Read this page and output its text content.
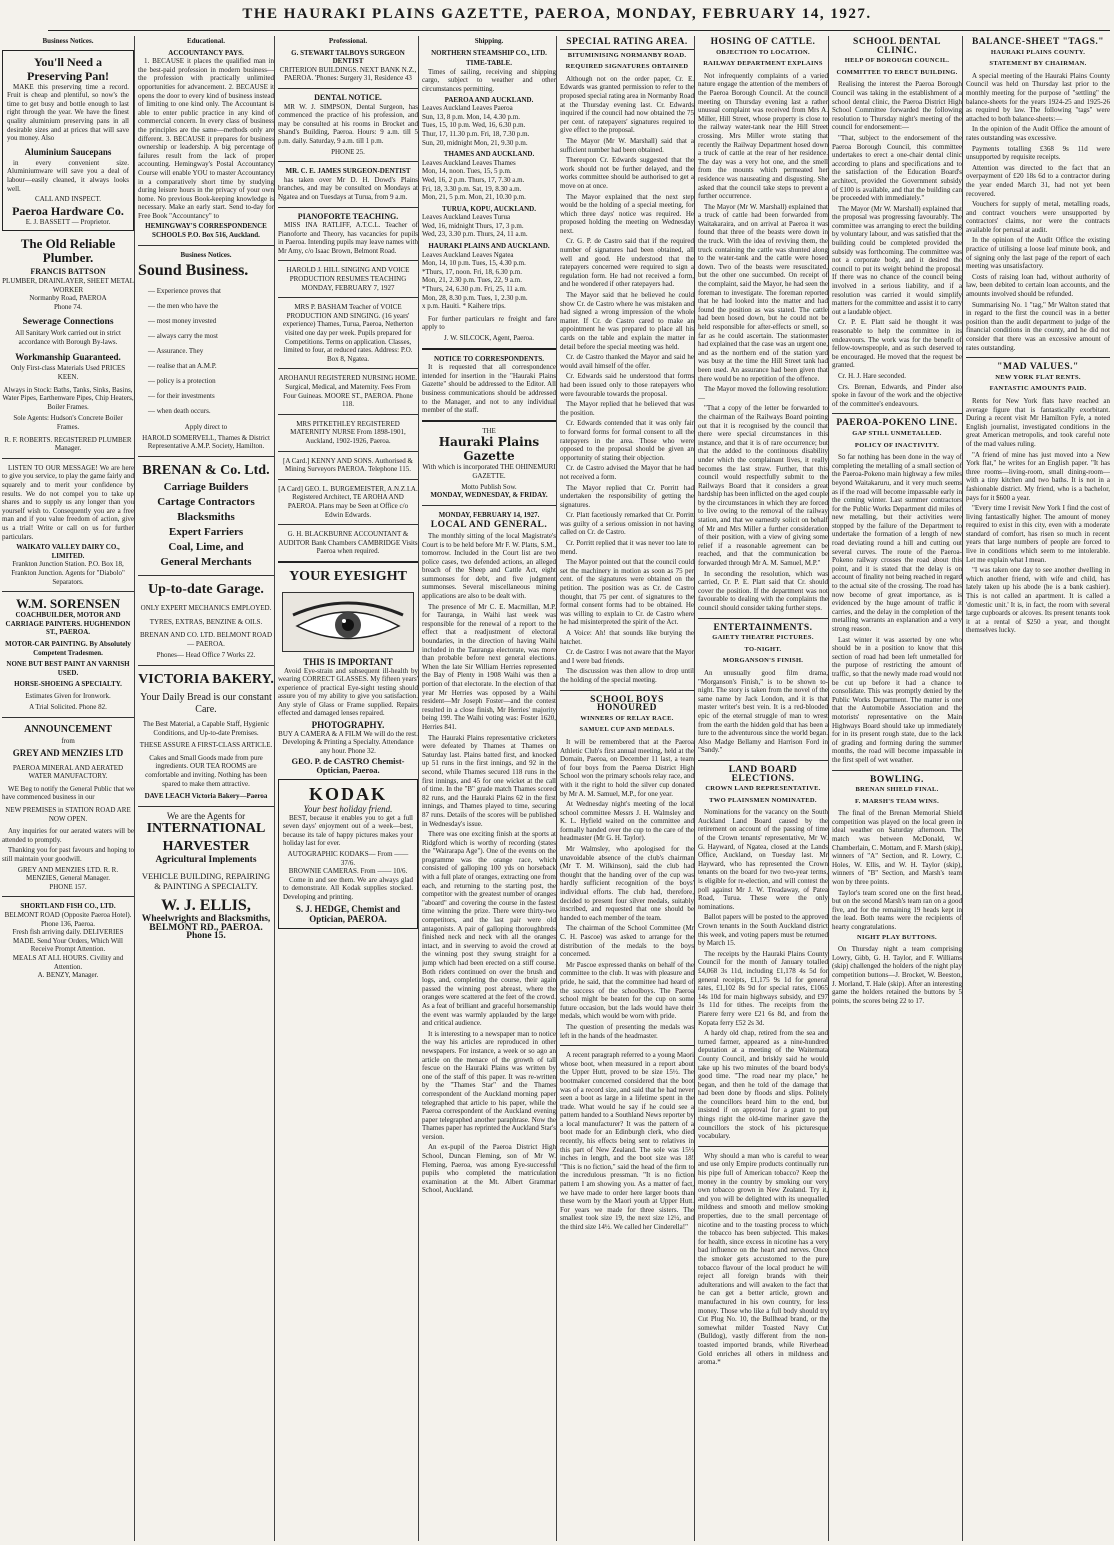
THE HAURAKI PLAINS GAZETTE, PAEROA, MONDAY, FEBRUARY 14, 1927.
Business Notices.
You'll Need a Preserving Pan!

MAKE this preserving time a record. Fruit is cheap and plentiful, so now's the time to get busy and bottle enough to last right through the year. We have the finest quality aluminium preserving pans in all desirable sizes and at prices that will save you money. Also

Aluminium Saucepans

in every convenient size. Aluminiumware will save you a deal of labour—easily cleaned, it always looks well.

CALL AND INSPECT.
Paeroa Hardware Co.
E. J. BASSETT — Proprietor.
The Old Reliable Plumber.
FRANCIS BATTSON
PLUMBER, DRAINLAYER, SHEET METAL WORKER
Normanby Road, PAEROA
Phone 74.
Sewerage Connections
All Sanitary Work carried out in strict accordance with Borough By-laws.
Workmanship Guaranteed.
Only First-class Materials Used PRICES KEEN.
Always in Stock: Baths, Tanks, Sinks, Basins, Water Pipes, Earthenware Pipes, Chip Heaters, Boiler Frames.
Sole Agents: Hudson's Concrete Boiler Frames.
R. F. ROBERTS. REGISTERED PLUMBER Manager.

LISTEN TO OUR MESSAGE! We are here to give you service, to play the game fairly and squarely and to merit your confidence by results. We do not compel you to take up shares and to supply us any longer than you yourself wish to. Consequently you are a free man and if you value freedom of action, give us a trial! Write or call on us for further particulars.

WAIKATO VALLEY DAIRY CO., LIMITED.
Frankton Junction Station. P.O. Box 18, Frankton Junction. Agents for "Diabolo" Separators.
W.M. SORENSEN
COACHBUILDER, MOTOR AND CARRIAGE PAINTERS. HUGHENDON ST., PAEROA.
MOTOR-CAR PAINTING. By Absolutely Competent Tradesmen.
NONE BUT BEST PAINT AN VARNISH USED.
HORSE-SHOEING A SPECIALTY.
Estimates Given for Ironwork.
A Trial Solicited. Phone 82.
ANNOUNCEMENT
from
GREY AND MENZIES LTD
PAEROA MINERAL AND AERATED WATER MANUFACTORY.

WE Beg to notify the General Public that we have commenced business in our

NEW PREMISES in STATION ROAD ARE NOW OPEN.

Any inquiries for our aerated waters will be attended to promptly.

Thanking you for past favours and hoping to still maintain your goodwill.

GREY AND MENZIES LTD. R. R. MENZIES, General Manager.
PHONE 157.
SHORTLAND FISH CO., LTD.
BELMONT ROAD (Opposite Paeroa Hotel). Phone 136, Paeroa.
Fresh fish arriving daily. DELIVERIES MADE. Send Your Orders, Which Will Receive Prompt Attention.
MEALS AT ALL HOURS. Civility and Attention.
A. BENZY, Manager.
Educational.
ACCOUNTANCY PAYS.

1. BECAUSE it places the qualified man in the best-paid profession in modern business—the profession with practically unlimited opportunities for advancement. 2. BECAUSE it opens the door to every kind of business instead of limiting to one kind only. The Accountant is able to enter public practice in any kind of commercial concern. In every class of business the principles are the same—methods only are different. 3. BECAUSE it prepares for business ownership or leadership. A big percentage of failures result from the lack of proper accounting. Hemingway's Postal Accountancy Course will enable YOU to master Accountancy in a comparatively short time by studying during leisure hours in the privacy of your own home. No previous Book-keeping knowledge is necessary. Make an early start. Send to-day for Free Book "Accountancy" to

HEMINGWAY'S CORRESPONDENCE SCHOOLS P.O. Box 516, Auckland.
Business Notices.
Sound Business.
— Experience proves that
— the men who have the
— most money invested
— always carry the most
— Assurance. They
— realise that an A.M.P.
— policy is a protection
— for their investments
— when death occurs.
Apply direct to
HAROLD SOMERVELL, Thames & District Representative A.M.P. Society, Hamilton.
BRENAN & Co. Ltd.
Carriage Builders
Cartage Contractors
Blacksmiths
Expert Farriers
Coal, Lime, and
General Merchants
Up-to-date Garage.
ONLY EXPERT MECHANICS EMPLOYED.
TYRES, EXTRAS, BENZINE & OILS.
BRENAN AND CO. LTD. BELMONT ROAD — PAEROA.
Phones— Head Office 7 Works 22.
VICTORIA BAKERY.
Your Daily Bread is our constant Care.
The Best Material, a Capable Staff, Hygienic Conditions, and Up-to-date Premises.
THESE ASSURE A FIRST-CLASS ARTICLE.
Cakes and Small Goods made from pure ingredients. OUR TEA ROOMS are comfortable and inviting. Nothing has been spared to make them attractive.
DAVE LEACH Victoria Bakery—Paeroa
We are the Agents for
INTERNATIONAL HARVESTER
Agricultural Implements
VEHICLE BUILDING, REPAIRING & PAINTING A SPECIALTY.
W. J. ELLIS,
Wheelwrights and Blacksmiths,
BELMONT RD., PAEROA.
Phone 15.
Professional.
G. STEWART TALBOYS SURGEON DENTIST
CRITERION BUILDINGS. NEXT BANK N.Z., PAEROA. 'Phones: Surgery 31, Residence 43
DENTAL NOTICE.

MR W. J. SIMPSON, Dental Surgeon, has commenced the practice of his profession, and may be consulted at his rooms in Brocket and Shand's Building, Paeroa. Hours: 9 a.m. till 5 p.m. daily. Saturday, 9 a.m. till 1 p.m.

PHONE 25.
MR. C. E. JAMES SURGEON-DENTIST

has taken over Mr D. H. Dowd's Plains branches, and may be consulted on Mondays at Ngatea and on Tuesdays at Turua, from 9 a.m.

PIANOFORTE TEACHING.

MISS INA RATLIFF, A.T.C.L. Teacher of Pianoforte and Theory, has vacancies for pupils in Paeroa. Intending pupils may leave names with Mr Amy, c/o Isaac Brown, Belmont Road.

HAROLD J. HILL SINGING AND VOICE PRODUCTION RESUMES TEACHING MONDAY, FEBRUARY 7, 1927
MRS P. BASHAM Teacher of VOICE PRODUCTION AND SINGING. (16 years' experience) Thames, Turua, Paeroa, Netherton visited one day per week. Pupils prepared for Competitions. Terms on application. Classes, limited to four, at reduced rates. Address: P.O. Box 8, Ngatea.
AROHANUI REGISTERED NURSING HOME. Surgical, Medical, and Maternity. Fees From Four Guineas. MOORE ST., PAEROA. Phone 118.
MRS PITKETHLEY REGISTERED MATERNITY NURSE From 1898-1901, Auckland, 1902-1926, Paeroa.
[A Card.] KENNY AND SONS. Authorised & Mining Surveyors PAEROA. Telephone 115.
[A Card] GEO. L. BURGEMEISTER, A.N.Z.I.A. Registered Architect, TE AROHA AND PAEROA. Plans may be Seen at Office c/o Edwin Edwards.
G. H. BLACKBURNE ACCOUNTANT & AUDITOR Bank Chambers CAMBRIDGE Visits Paeroa when required.
YOUR EYESIGHT
THIS IS IMPORTANT

Avoid Eye-strain and subsequent ill-health by wearing CORRECT GLASSES. My fifteen years' experience of practical Eye-sight testing should assure you of my ability to give you satisfaction. Any style of Glass or Frame supplied. Repairs effected and damaged lenses repaired.

PHOTOGRAPHY.
BUY A CAMERA & A FILM We will do the rest. Developing & Printing a Specialty. Attendance any hour. Phone 32.
GEO. P. de CASTRO Chemist-Optician, Paeroa.
KODAK
Your best holiday friend.

BEST, because it enables you to get a full seven days' enjoyment out of a week—best, because its tale of happy pictures makes your holiday last for ever.

AUTOGRAPHIC KODAKS— From —— 37/6.
BROWNIE CAMERAS. From —— 10/6.

Come in and see them. We are always glad to demonstrate. All Kodak supplies stocked. Developing and printing.

S. J. HEDGE, Chemist and Optician, PAEROA.
Shipping.
NORTHERN STEAMSHIP CO., LTD.
TIME-TABLE.

Times of sailing, receiving and shipping cargo, subject to weather and other circumstances permitting.

PAEROA AND AUCKLAND.
Leaves Auckland Leaves Paeroa
Sun, 13, 8 p.m. Mon, 14, 4.30 p.m.
Tues, 15, 10 p.m. Wed, 16, 6.30 p.m.
Thur, 17, 11.30 p.m. Fri, 18, 7.30 p.m.
Sun, 20, midnight Mon, 21, 9.30 p.m.
THAMES AND AUCKLAND.
Leaves Auckland Leaves Thames
Mon, 14, noon. Tues, 15, 5 p.m.
Wed, 16, 2 p.m. Thurs, 17, 7.30 a.m.
Fri, 18, 3.30 p.m. Sat, 19, 8.30 a.m.
Mon, 21, 5 p.m. Mon, 21, 10.30 p.m.
TURUA, KOPU, AUCKLAND.
Leaves Auckland Leaves Turua
Wed, 16, midnight Thurs, 17, 3 p.m.
Wed, 23, 3.30 p.m. Thurs, 24, 11 a.m.
HAURAKI PLAINS AND AUCKLAND.
Leaves Auckland Leaves Ngatea
Mon, 14, 10 p.m. Tues, 15, 4.30 p.m.
*Thurs, 17, noon. Fri, 18, 6.30 p.m.
Mon, 21, 2.30 p.m. Tues, 22, 9 a.m.
*Thurs, 24, 6.30 p.m. Fri, 25, 11 a.m.
Mon, 28, 8.30 p.m. Tues, 1, 2.30 p.m.
x p.m. Hauiti. * Kaihere trips.

For further particulars re freight and fare apply to

J. W. SILCOCK, Agent, Paeroa.
NOTICE TO CORRESPONDENTS.

It is requested that all correspondence intended for insertion in the "Hauraki Plains Gazette" should be addressed to the Editor. All business communications should be addressed to the Manager, and not to any individual member of the staff.

THE
Hauraki Plains Gazette
With which is incorporated THE OHINEMURI GAZETTE.
Motto Publish Sow.
MONDAY, WEDNESDAY, & FRIDAY.
MONDAY, FEBRUARY 14, 1927.
LOCAL AND GENERAL.

The monthly sitting of the local Magistrate's Court is to be held before Mr F. W. Platts, S.M., tomorrow. Included in the Court list are two police cases, two defended actions, an alleged breach of the Sheep and Cattle Act, eight summonses for debt, and five judgment summonses. Several miscellaneous mining applications are also to be dealt with.

The presence of Mr C. E. Macmillan, M.P. for Tauranga, in Waihi last week was responsible for the renewal of a report to the effect that a readjustment of electoral boundaries, in the direction of having Waihi included in the Tauranga electorate, was more than probable before next general elections. When the late Sir William Herries represented the Bay of Plenty in 1908 Waihi was then a portion of that electorate. In the election of that year Mr Herries was opposed by a Waihi resident—Mr Joseph Foster—and the contest resulted in a close finish, Mr Herries' majority being 199. The Waihi voting was: Foster 1620, Herries 841.

The Hauraki Plains representative cricketers were defeated by Thames at Thames on Saturday last. Plains batted first, and knocked up 51 runs in the first innings, and 92 in the second, while Thames secured 118 runs in the first innings, and 45 for one wicket at the call of time. In the "B" grade match Thames scored 82 runs, and the Hauraki Plains 62 in the first innings, and Thames played to time, securing 87 runs. Details of the scores will be published in Wednesday's issue.

There was one exciting finish at the sports at Ridgford which is worthy of recording (states the "Wairarapa Age"). One of the events on the programme was the orange race, which consisted of galloping 100 yds on horseback with a full plate of oranges, extracting one from each, and returning to the starting post, the competitor with the greatest number of oranges "aboard" and covering the course in the fastest time winning the prize. There were thirty-two competitors, and the last pair were old antagonists. A pair of galloping thoroughbreds finished neck and neck with all the oranges intact, and in swerving to avoid the crowd at the winning post they swung straight for a jump which had been erected on a stiff course. Both riders continued on over the brush and logs, and, completing the course, their again passed the winning post abreast, where the oranges were scattered at the feet of the crowd. As a feat of brilliant and graceful horsemanship the event was warmly applauded by the large and critical audience.

It is interesting to a newspaper man to notice the way his articles are reproduced in other newspapers. For instance, a week or so ago an article on the menace of the growth of tall fescue on the Hauraki Plains was written by one of the staff of this paper. It was re-written by the "Thames Star" and the Thames correspondent of the Auckland morning paper telegraphed that article to his paper, while the Paeroa correspondent of the Auckland evening paper telegraphed another paraphrase. Now the Thames paper has reprinted the Auckland Star's version.

An ex-pupil of the Paeroa District High School, Duncan Fleming, son of Mr W. Fleming, Paeroa, was among Eye-successful pupils who completed the matriculation examination at the Mt. Albert Grammar School, Auckland.

SPECIAL RATING AREA.
BITUMINISING NORMANBY ROAD.
REQUIRED SIGNATURES OBTAINED

Although not on the order paper, Cr. E. Edwards was granted permission to refer to the proposed special rating area in Normanby Road at the Thursday evening last. Cr. Edwards inquired if the council had now obtained the 75 per cent. of ratepayers' signatures required to give effect to the proposal.

The Mayor (Mr W. Marshall) said that a sufficient number had been obtained.

Thereupon Cr. Edwards suggested that the work should not be further delayed, and the works committee should be authorised to get a move on at once.

The Mayor explained that the next step would be the holding of a special meeting, for which three days' notice was required. He proposed holding the meeting on Wednesday next.

Cr. G. P. de Castro said that if the required number of signatures had been obtained, all well and good. He understood that the ratepayers concerned were required to sign a regulation form. He had not received a form, and he wondered if other ratepayers had.

The Mayor said that he believed he could show Cr. de Castro where he was mistaken and had signed a wrong impression of the whole matter. If Cr. de Castro cared to make an appointment he was prepared to place all his cards on the table and explain the matter in detail before the special meeting was held.

Cr. de Castro thanked the Mayor and said he would avail himself of the offer.

Cr. Edwards said he understood that forms had been issued only to those ratepayers who were favourable towards the proposal.

The Mayor replied that he believed that was the position.

Cr. Edwards contended that it was only fair to forward forms for formal consent to all the ratepayers in the area. Those who were opposed to the proposal should be given an opportunity of stating their objection.

Cr. de Castro advised the Mayor that he had not received a form.

The Mayor replied that Cr. Porritt had undertaken the responsibility of getting the signatures.

Cr. Platt facetiously remarked that Cr. Porritt was guilty of a serious omission in not having called on Cr. de Castro.

Cr. Porritt replied that it was never too late to mend.

The Mayor pointed out that the council could set the machinery in motion as soon as 75 per cent. of the signatures were obtained on the petition. The position was as Cr. de Castro thought, that 75 per cent. of signatures to the formal consent forms had to be obtained. He was willing to explain to Cr. de Castro where he had misinterpreted the spirit of the Act.

A Voice: Ah! that sounds like burying the hatchet.

Cr. de Castro: I was not aware that the Mayor and I were bad friends.

The discussion was then allow to drop until the holding of the special meeting.

SCHOOL BOYS HONOURED
WINNERS OF RELAY RACE.
SAMUEL CUP AND MEDALS.

It will be remembered that at the Paeroa Athletic Club's first annual meeting, held at the Domain, Paeroa, on December 11 last, a team of four boys from the Paeroa District High School won the primary schools relay race, and with it the right to hold the silver cup donated by Mr A. M. Samuel, M.P., for one year.

At Wednesday night's meeting of the local school committee Messrs J. H. Walmsley and K. L. Hyfield waited on the committee and formally handed over the cup to the care of the headmaster (Mr G. H. Taylor).

Mr Walmsley, who apologised for the unavoidable absence of the club's chairman (Mr T. M. Wilkinson), said the club had thought that the handing over of the cup was hardly sufficient recognition of the boys' individual efforts. The club had, therefore, decided to present four silver medals, suitably inscribed, and requested that one should be handed to each member of the team.

The chairman of the School Committee (Mr C. H. Pascoe) was asked to arrange for the distribution of the medals to the boys concerned.

Mr Pascoe expressed thanks on behalf of the committee to the club. It was with pleasure and pride, he said, that the committee had heard of the success of the schoolboys. The Paeroa school might be beaten for the cup on some future occasion, but the lads would have their medals, which would be worn with pride.

The question of presenting the medals was left in the hands of the headmaster.

A recent paragraph referred to a young Maori whose boot, when measured in a report about the Upper Hutt, proved to be size 15½. The bootmaker concerned considered that the boot was of a record size, and said that he had never seen a boot as large in a lifetime spent in the trade. What would he say if he could see a pattern handed to a Southland News reporter by a local manufacturer? It was the pattern of a boot made for an Edinburgh clerk, who died recently, his effects being sent to relatives in this part of New Zealand. The sole was 15½ inches in length, and the boot size was 18! "This is no fiction," said the head of the firm to the incredulous pressman. "It is no fiction pattern I am showing you. As a matter of fact, we have made to order here larger boots than these worn by the Maori youth at Upper Hutt. For years we made for three sisters. The smallest took size 19, the next size 12½, and the third size 14½. We called her Cinderella!"

HOSING OF CATTLE.
OBJECTION TO LOCATION.
RAILWAY DEPARTMENT EXPLAINS

Not infrequently complaints of a varied nature engage the attention of the members of the Paeroa Borough Council. At the council meeting on Thursday evening last a rather unusual complaint was received from Mrs A. Miller, Hill Street, whose property is close to the railway water-tank near the Hill Street crossing. Mrs Miller wrote stating that recently the Railway Department hosed down a truck of cattle at the rear of her residence. The day was a very hot one, and the smell from the mounts which permeated her residence was nauseating and disgusting. She asked that the council take steps to prevent a further occurrence.

The Mayor (Mr W. Marshall) explained that a truck of cattle had been forwarded from Waitakaraira, and on arrival at Paeroa it was found that three of the beasts were down in the truck. With the idea of reviving them, the truck containing the cattle was shunted along to the water-tank and the cattle were hosed down. Two of the beasts were resuscitated, but the other one succumbed. On receipt of the complaint, said the Mayor, he had seen the foreman to investigate. The foreman reported that he had looked into the matter and had found the position as was stated. The cattle had been hosed down, but he could not be held responsible for after-effects or smell, so far as he could ascertain. The stationmaster had explained that the case was an urgent one, and as the northern end of the station yard was busy at the time the Hill Street tank had been used. An assurance had been given that there would be no repetition of the offence.

The Mayor moved the following resolution:—

"That a copy of the letter be forwarded to the chairman of the Railways Board pointing out that it is recognised by the council that there were special circumstances in this instance, and that it is of rare occurrence; but that the added to the continuous disability under which the complainant lives, it really becomes the last straw. Further, that this council would respectfully submit to the Railways Board that it considers a great hardship has been inflicted on the aged couple by the circumstances in which they are forced to live owing to the removal of the railway station, and that we earnestly solicit on behalf of Mr and Mrs Miller a further consideration of their position, with a view of giving some relief if a reasonable agreement can be reached, and that the communication be forwarded through Mr A. M. Samuel, M.P."

In seconding the resolution, which was carried, Cr. P. E. Platt said that Cr. should cover the position. If the department was not favourable to dealing with the complaints the council should consider taking further steps.

ENTERTAINMENTS.
GAIETY THEATRE PICTURES.
TO-NIGHT.
MORGANSON'S FINISH.

An unusually good film drama, "Morganson's Finish," is to be shown to-night. The story is taken from the novel of the same name by Jack London, and it is that master writer's best vein. It is a red-blooded epic of the eternal struggle of man to wrest from the earth the hidden gold that has been a lure to the adventurous since the world began. Also Madge Bellamy and Harrison Ford in "Sandy."

LAND BOARD ELECTIONS.
CROWN LAND REPRESENTATIVE.
TWO PLAINSMEN NOMINATED.

Nominations for the vacancy on the South Auckland Land Board caused by the retirement on account of the passing of time of the Crown tenants' representative, Mr W. G. Hayward, of Ngatea, closed at the Lands Office, Auckland, on Tuesday last. Mr Hayward, who has represented the Crown tenants on the board for two two-year terms, is eligible for re-election, and will contest the poll against Mr J. W. Treadaway, of Patea Road, Turua. These were the only nominations.

Ballot papers will be posted to the approved Crown tenants in the South Auckland district this week, and voting papers must be returned by March 15.

The receipts by the Hauraki Plains County Council for the month of January totalled £4,068 3s 11d, including £1,178 4s 5d for general receipts, £1,175 9s 1d for general rates, £1,102 8s 9d for special rates, £1065 14s 10d for main highways subsidy, and £97 3s 11d for tithes. The receipts from the Piarere ferry were £21 6s 8d, and from the Kopata ferry £52 2s 3d.

A hardy old chap, retired from the sea and turned farmer, appeared as a nine-hundred deputation at a meeting of the Waitemata County Council, and briskly said he would take up his two minutes of the board body's good time. "The road near my place," he began, and then he told of the damage that had been done by floods and slips. Politely the councillors heard him to the end, but insisted if on approval for a grant to put things right the old-time mariner gave the councillors the stock of his picturesque vocabulary.

Why should a man who is careful to wear and use only Empire products continually run his pipe full of American tobacco? Keep the money in the country by smoking our very own tobacco grown in New Zealand. Try it, and you will be delighted with its unequalled mildness and smooth and mellow smoking properties, due to the small percentage of nicotine and to the toasting process to which the tobacco has been subjected. This makes for health, since excess in nicotine has a very bad influence on the heart and nerves. Once the smoker gets accustomed to the pure tobacco flavour of the local product he will reject all foreign brands with their adulterations and will awaken to the fact that he can get a better article, grown and manufactured in his own country, for less money. Those who like a full body should try Cut Plug No. 10, the Bullhead brand, or the somewhat milder Toasted Navy Cut (Bulldog), vastly different from the non-toasted imported brands, while Riverhead Gold enriches all others in mildness and aroma.*

SCHOOL DENTAL CLINIC.
HELP OF BOROUGH COUNCIL.
COMMITTEE TO ERECT BUILDING.

Realising the interest the Paeroa Borough Council was taking in the establishment of a school dental clinic, the Paeroa District High School Committee forwarded the following resolution to Thursday night's meeting of the council for endorsement:—

"That, subject to the endorsement of the Paeroa Borough Council, this committee undertakes to erect a one-chair dental clinic according to plans and specifications and to the satisfaction of the Education Board's architect, provided the Government subsidy of £100 is available, and that the building can be proceeded with immediately."

The Mayor (Mr W. Marshall) explained that the proposal was progressing favourably. The committee was arranging to erect the building by voluntary labour, and was satisfied that the building could be completed provided the subsidy was forthcoming. The committee was not a corporate body, and it desired the council to put its weight behind the proposal. If there was no chance of the council being involved in a serious liability, and if a resolution was carried it would simplify matters for the committee and assist it to carry out a laudable object.

Cr. P. E. Platt said he thought it was reasonable to help the committee in its endeavours. The work was for the benefit of fellow-townspeople, and as such deserved to be encouraged. He moved that the request be granted.

Cr. H. J. Hare seconded.

Crs. Brenan, Edwards, and Pinder also spoke in favour of the work and the objective of the committee's endeavours.

PAEROA-POKENO LINE.
GAP STILL UNMETALLED.
POLICY OF INACTIVITY.

So far nothing has been done in the way of completing the metalling of a small section of the Paeroa-Pokeno main highway a few miles beyond Waitakaruru, and it very much seems as if the road will become impassable early in the coming winter. Last summer contractors for the Public Works Department did miles of new metalling, but their activities were stopped by the failure of the Department to undertake the formation of a length of new road deviating round a hill and cutting out several curves. The route of the Paeroa-Pokeno railway crosses the road about this point, and it is stated that the delay is on account of finality not being reached in regard to the actual site of the crossing. The road has now become of great importance, as is evidenced by the huge amount of traffic it carries, and the delay in the completion of the metalling warrants an explanation and a very strong reason.

Last winter it was asserted by one who should be in a position to know that this section of road had been left unmetalled for the purpose of restricting the amount of traffic, so that the newly made road would not be cut up before it had a chance to consolidate. This was promptly denied by the Public Works Department. The matter is one that the Automobile Association and the motorists' representative on the Main Highways Board should take up immediately for in its present rough state, due to the lack of grading and forming during the summer months, the road will become impassable in the first spell of wet weather.

BOWLING.
BRENAN SHIELD FINAL.
F. MARSH'S TEAM WINS.

The final of the Brenan Memorial Shield competition was played on the local green in ideal weather on Saturday afternoon. The match was between McDonald, W. Chamberlain, C. Mottam, and F. Marsh (skip), winners of "A" Section, and R. Lowry, C. Holes, W. Ellis, and W. H. Taylor (skip), winners of "B" Section, and Marsh's team won by three points.

Taylor's team scored one on the first head, but on the second Marsh's team ran on a good five, and for the remaining 19 heads kept in the lead. Both teams were the recipients of hearty congratulations.

NIGHT PLAY BUTTONS.

On Thursday night a team comprising Lowry, Gibb, G. H. Taylor, and F. Williams (skip) challenged the holders of the night play competition buttons—J. Brocket, W. Beeston, J. Morland, T. Hale (skip). After an interesting game the holders retained the buttons by 5 points, the scores being 22 to 17.

BALANCE-SHEET "TAGS."
HAURAKI PLAINS COUNTY.
STATEMENT BY CHAIRMAN.

A special meeting of the Hauraki Plains County Council was held on Thursday last prior to the monthly meeting for the purpose of "settling" the balance-sheets for the years 1924-25 and 1925-26 as required by law. The following "tags" were attached to both balance-sheets:—

In the opinion of the Audit Office the amount of rates outstanding was excessive.

Payments totalling £368 9s 11d were unsupported by requisite receipts.

Attention was directed to the fact that an overpayment of £20 18s 6d to a contractor during the year ended March 31, had not yet been recovered.

Vouchers for supply of metal, metalling roads, and contract vouchers were unsupported by contractors' claims, nor were the contracts available for perusal at audit.

In the opinion of the Audit Office the existing practice of utilising a loose leaf minute book, and of signing only the last page of the report of each meeting was unsatisfactory.

Costs of raising loan had, without authority of law, been debited to certain loan accounts, and the amounts involved should be refunded.

Summarising No. 1 "tag," Mr Walton stated that in regard to the first the council was in a better position than the audit department to judge of the financial conditions in the county, and he did not consider that there was an excessive amount of rates outstanding.

"MAD VALUES."
NEW YORK FLAT RENTS.
FANTASTIC AMOUNTS PAID.

Rents for New York flats have reached an average figure that is fantastically exorbitant. During a recent visit Mr Hamilton Fyfe, a noted English journalist, investigated conditions in the great American metropolis, and took careful note of the mad values ruling.

"A friend of mine has just moved into a New York flat," he writes for an English paper. "It has three rooms—living-room, small dining-room—with a tiny kitchen and two baths. It is not in a fashionable district. My friend, who is a bachelor, pays for it $600 a year.

"Every time I revisit New York I find the cost of living fantastically higher. The amount of money required to exist in this city, even with a moderate standard of comfort, has risen so much in recent years that large numbers of people are forced to live in conditions which seem to me intolerable. Let me explain what I mean.

"I was taken one day to see another dwelling in which another friend, with wife and child, has lately taken up his abode (he is a bank cashier). This is not called an apartment. It is called a 'domestic unit.' It is, in fact, the room with several large cupboards or alcoves. Its present tenants took it at a rental of $250 a year, and thought themselves lucky.
